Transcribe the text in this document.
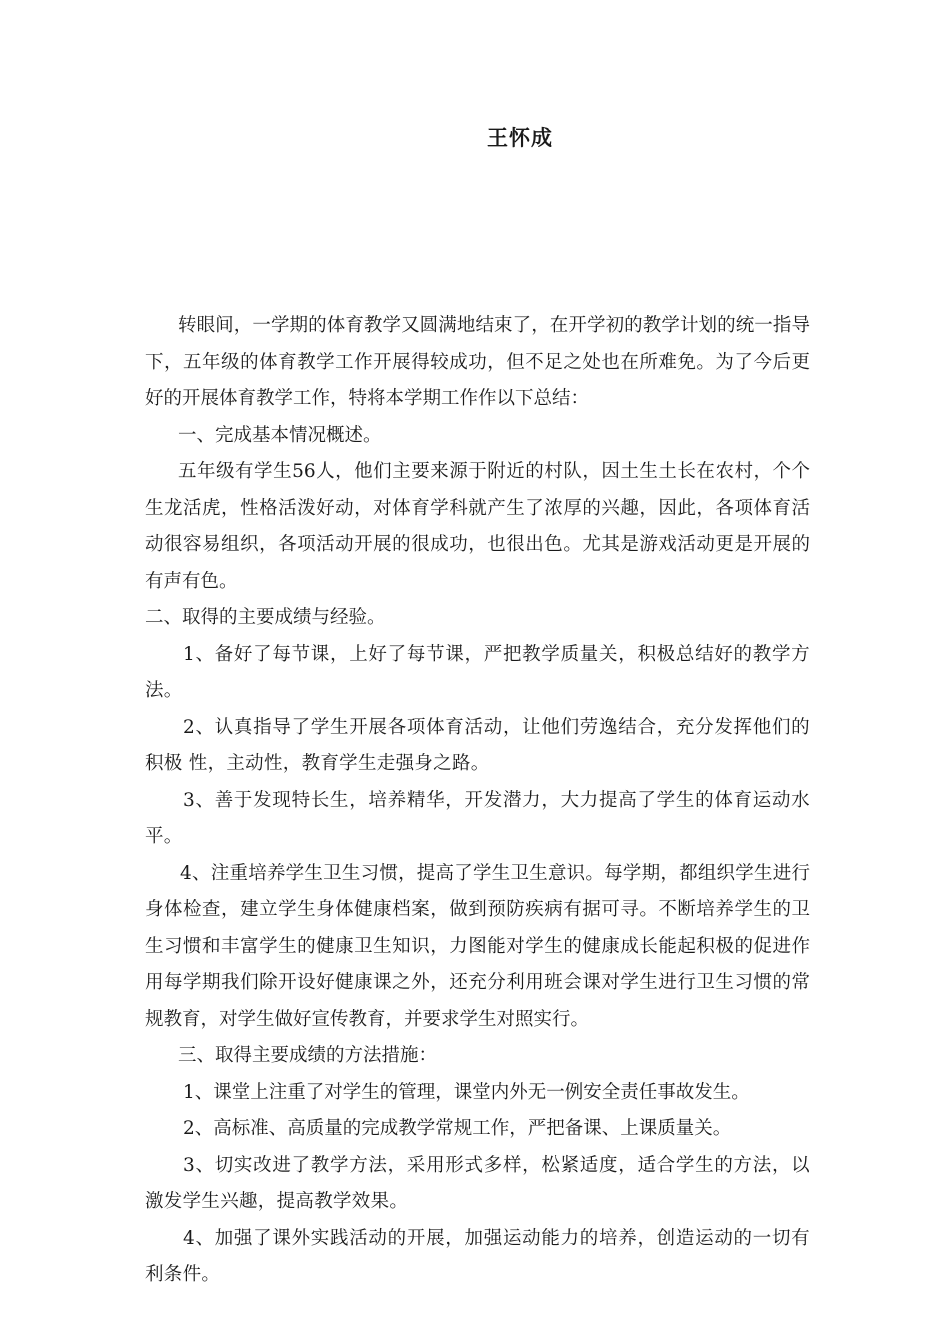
王怀成

转眼间，一学期的体育教学又圆满地结束了，在开学初的教学计划的统一指导下，五年级的体育教学工作开展得较成功，但不足之处也在所难免。为了今后更好的开展体育教学工作，特将本学期工作作以下总结：

一、完成基本情况概述。

五年级有学生56人，他们主要来源于附近的村队，因土生土长在农村，个个生龙活虎，性格活泼好动，对体育学科就产生了浓厚的兴趣，因此，各项体育活动很容易组织，各项活动开展的很成功，也很出色。尤其是游戏活动更是开展的有声有色。

二、取得的主要成绩与经验。

1、备好了每节课，上好了每节课，严把教学质量关，积极总结好的教学方法。

2、认真指导了学生开展各项体育活动，让他们劳逸结合，充分发挥他们的积极 性，主动性，教育学生走强身之路。

3、善于发现特长生，培养精华，开发潜力，大力提高了学生的体育运动水平。

4、注重培养学生卫生习惯，提高了学生卫生意识。每学期，都组织学生进行身体检查，建立学生身体健康档案，做到预防疾病有据可寻。不断培养学生的卫生习惯和丰富学生的健康卫生知识，力图能对学生的健康成长能起积极的促进作用每学期我们除开设好健康课之外，还充分利用班会课对学生进行卫生习惯的常规教育，对学生做好宣传教育，并要求学生对照实行。

三、取得主要成绩的方法措施：

1、课堂上注重了对学生的管理，课堂内外无一例安全责任事故发生。

2、高标准、高质量的完成教学常规工作，严把备课、上课质量关。

3、切实改进了教学方法，采用形式多样，松紧适度，适合学生的方法，以激发学生兴趣，提高教学效果。

4、加强了课外实践活动的开展，加强运动能力的培养，创造运动的一切有利条件。
